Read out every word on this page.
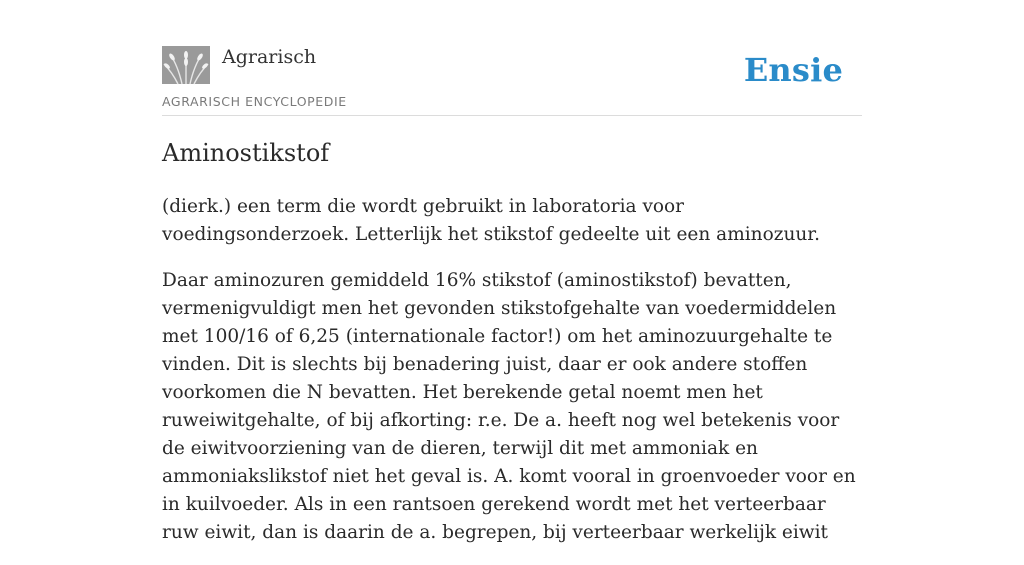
Agrarisch
AGRARISCH ENCYCLOPEDIE
Ensie
Aminostikstof

(dierk.) een term die wordt gebruikt in laboratoria voor voedingsonderzoek. Letterlijk het stikstof gedeelte uit een aminozuur.

Daar aminozuren gemiddeld 16% stikstof (aminostikstof) bevatten, vermenigvuldigt men het gevonden stikstofgehalte van voedermiddelen met 100/16 of 6,25 (internationale factor!) om het aminozuurgehalte te vinden. Dit is slechts bij benadering juist, daar er ook andere stoffen voorkomen die N bevatten. Het berekende getal noemt men het ruweiwitgehalte, of bij afkorting: r.e. De a. heeft nog wel betekenis voor de eiwitvoorziening van de dieren, terwijl dit met ammoniak en ammoniakslikstof niet het geval is. A. komt vooral in groenvoeder voor en in kuilvoeder. Als in een rantsoen gerekend wordt met het verteerbaar ruw eiwit, dan is daarin de a. begrepen, bij verteerbaar werkelijk eiwit
